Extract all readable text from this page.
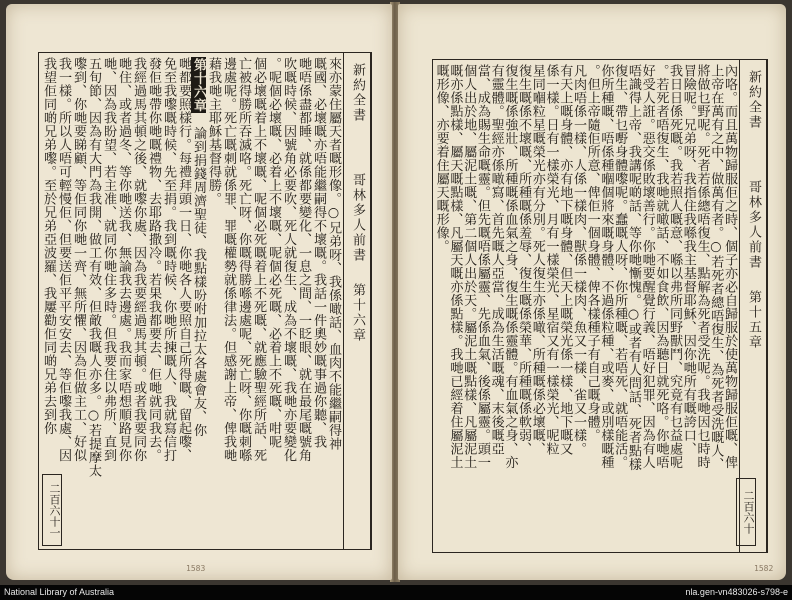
新約全書
哥林多人前書
第十六章
來亦蒙住屬天者嘅形像。○兄弟呀、我係噉話、血肉不能繼嗣得神
嘅國、必壞嘅亦唔能繼嗣得不壞嘅。我話一件奧妙嘅事過你聽、我
哋唔係盡都睡、就係都要變化、一息之間、一眨眼、就在最尾嘅號角
吹嘅時候、因號角必要吹、死人就復生、成為不壞嘅、我哋亦要變化
。呢個必壞嘅、必着上不壞嘅、呢個必死嘅、必着上不死嘅、咁呢
個必壞嘅着上不壞嘅、呢個必死嘅着上不死嘅、就應驗聖經所話、死
亡被得勝所吞滅咯。死亡呀、你嘅得勝喺邊處呢、死亡呀、你嘅刺喺
邊處呢。死亡嘅刺就係罪、罪嘅權勢就係律法。但感謝上帝、俾我哋
藉我哋主耶穌基督得勝。
第十六章　論到捐錢周濟聖徒、我點樣吩咐加拉太各處會友、你
哋都要照樣行。每禮拜頭一日、你哋各人要照自己所得嘅、留起嚟、
免至我嚟嘅時候、先至捐。我到嘅時候、你哋所揀嘅人、我就寫信打
發佢哋帶你哋嘅禮物、去耶路撒冷。若果我都要去、佢哋就同我去。
我經過馬其頓之後、就嚟你處、因為我要經過馬其頓。或者我要同你
哋住、或者過冬、等你哋送我、無論我去邊處。我而家唔想順路見你
哋、因為我盼望、若主准、就同你哋住多時。但我要住以弗所、直到
五旬節、因為有大門為我開、做工有效、但敵我嘅人亦多。○若提摩太
嚟到、你哋要睇顧、等佢同你哋一齊、無所懼、因為佢做主工、好似
我一樣。所以人唔可輕慢佢、但要送佢平平安安去、等佢嚟我處、因
我望佢同啲兄弟嚟。至於兄弟亞波羅、我屢勸佢同啲兄弟去到你
二百六十一
1583
新約全書
哥林多人前書
第十五章
內咯。而且萬物歸服佢之時、個子亦必自歸服於使萬物歸服佢嘅、俾
上帝在萬有之中、做萬有者。○若死者總唔復生、為死者受洗嘅人、
將做乜野呢。死者若係總唔復生、點解為死者受洗呢。我哋因乜時時
冒險呢。兄弟呀、我指住我喺我主基督耶穌、因你哋所有嘅誇口、
我日日係死嘅。我若照人嘅意、喺以弗所同野獸鬥、究竟有乜益處呢
。若死者唔復生、我哋就噉話、不如食飲、因為聽日就死咯。你哋唔
好受人誑。惡交係敗壞善行。你哋要醒覺行義、唔好犯罪、因為有人
唔識得上帝、我講呢啲話、等你哋慚愧。○或者有人問話、死者點樣
復生、帶乜嘢身體嚟呢。蠢嘅人呀、你所種嘅、若唔死、就唔能活。
你所種嘅、唔係種嗰個將來嘅身體、不過係粒種、或麥、或別樣嘅種
。但上帝隨佢所意、俾佢一個身體、俾各樣種子有自己嘅身體。
凡肉唔係一樣、人係一樣肉、獸係一樣肉、魚又一樣、雀又一樣。
有天上嘅身體、亦有地下嘅身體、但天上嘅榮光係一樣、地下嘅又
係一樣。日有一樣榮光、月有一樣榮光、星宿又有一樣榮光、呢粒
星同嗰粒星嘅榮光亦有分別。死人復生亦係噉、所種嘅係必壞嘅、
復生嘅係不壞嘅、所種嘅係羞辱、復生嘅係榮華、所種嘅係軟弱、
復生嘅係強壯、所種嘅係血氣之身、復生嘅係靈體。有血氣之身、亦
有靈體。聖經亦係噉寫、首先嘅人亞當、成為生活嘅魂、末後嘅亞
當、成為賜生命嘅靈。但先嘅唔係屬靈、先係血氣、後係屬靈。頭一
個人出於地、屬泥土嘅、第二個人出於天。屬泥土嘅點樣、凡屬泥土
嘅亦係點樣、屬天嘅點樣、凡屬天嘅亦係點樣。我哋已經着住屬泥土
嘅形像、亦要着住屬天嘅形像。
二百六十
1582
National Library of Australia	nla.gen-vn483026-s798-e
